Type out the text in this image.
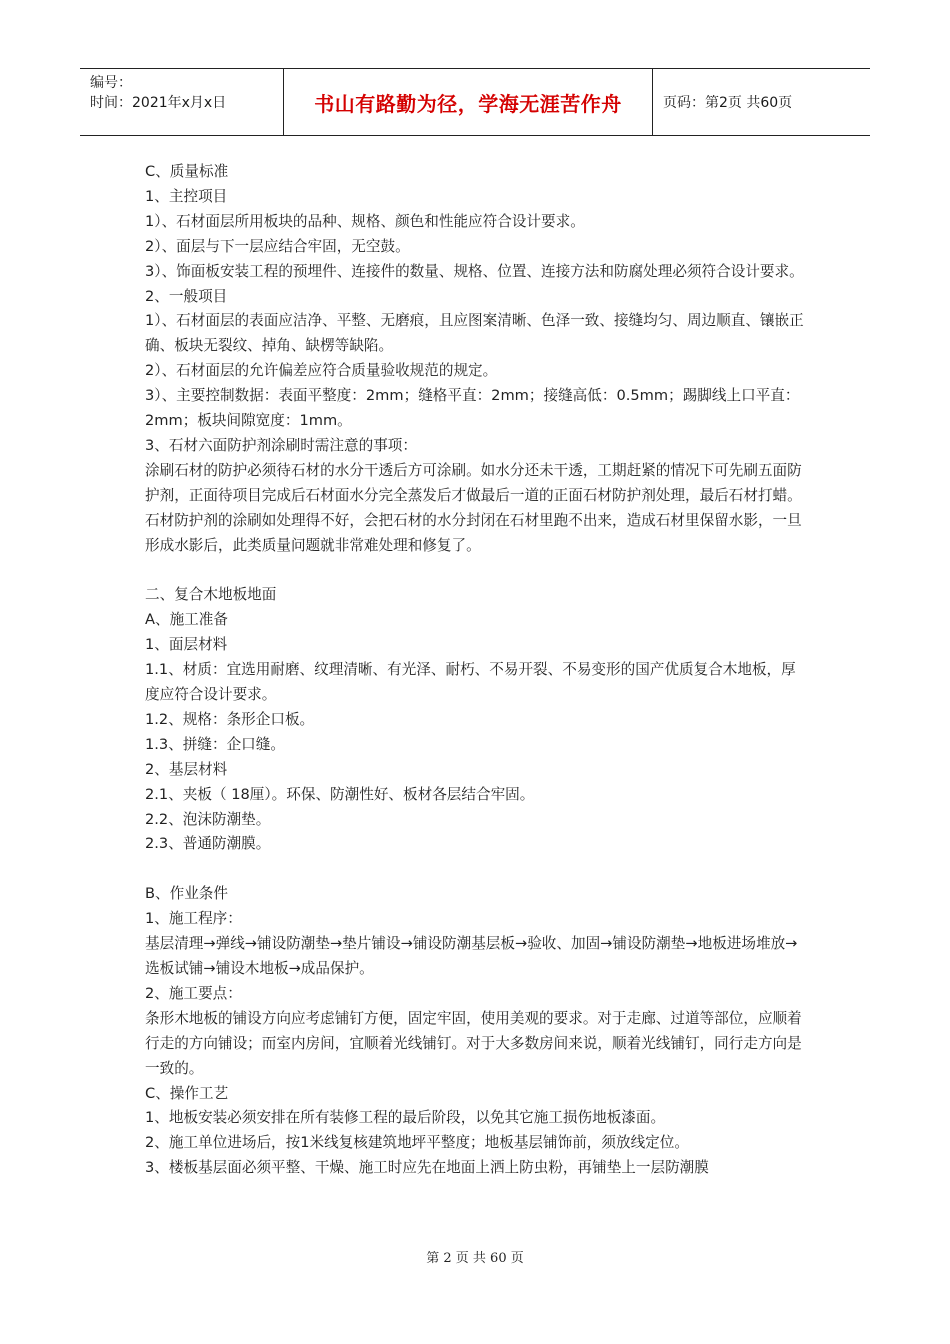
编号：
时间：2021年x月x日	书山有路勤为径，学海无涯苦作舟	页码：第2页 共60页

C、质量标准

1、主控项目

1）、石材面层所用板块的品种、规格、颜色和性能应符合设计要求。

2）、面层与下一层应结合牢固，无空鼓。

3）、饰面板安装工程的预埋件、连接件的数量、规格、位置、连接方法和防腐处理必须符合设计要求。

2、一般项目

1）、石材面层的表面应洁净、平整、无磨痕，且应图案清晰、色泽一致、接缝均匀、周边顺直、镶嵌正确、板块无裂纹、掉角、缺楞等缺陷。

2）、石材面层的允许偏差应符合质量验收规范的规定。

3）、主要控制数据：表面平整度：2mm；缝格平直：2mm；接缝高低：0.5mm；踢脚线上口平直：2mm；板块间隙宽度：1mm。

3、石材六面防护剂涂刷时需注意的事项：

涂刷石材的防护必须待石材的水分干透后方可涂刷。如水分还未干透，工期赶紧的情况下可先刷五面防护剂，正面待项目完成后石材面水分完全蒸发后才做最后一道的正面石材防护剂处理，最后石材打蜡。石材防护剂的涂刷如处理得不好，会把石材的水分封闭在石材里跑不出来，造成石材里保留水影，一旦形成水影后，此类质量问题就非常难处理和修复了。

二、复合木地板地面

A、施工准备

1、面层材料

1.1、材质：宜选用耐磨、纹理清晰、有光泽、耐朽、不易开裂、不易变形的国产优质复合木地板，厚度应符合设计要求。

1.2、规格：条形企口板。

1.3、拼缝：企口缝。

2、基层材料

2.1、夹板（ 18厘）。环保、防潮性好、板材各层结合牢固。

2.2、泡沫防潮垫。

2.3、普通防潮膜。

B、作业条件

1、施工程序：

基层清理→弹线→铺设防潮垫→垫片铺设→铺设防潮基层板→验收、加固→铺设防潮垫→地板进场堆放→选板试铺→铺设木地板→成品保护。

2、施工要点：

条形木地板的铺设方向应考虑铺钉方便，固定牢固，使用美观的要求。对于走廊、过道等部位，应顺着行走的方向铺设；而室内房间，宜顺着光线铺钉。对于大多数房间来说，顺着光线铺钉，同行走方向是一致的。

C、操作工艺

1、地板安装必须安排在所有装修工程的最后阶段，以免其它施工损伤地板漆面。

2、施工单位进场后，按1米线复核建筑地坪平整度；地板基层铺饰前，须放线定位。

3、楼板基层面必须平整、干燥、施工时应先在地面上洒上防虫粉，再铺垫上一层防潮膜

第 2 页 共 60 页
